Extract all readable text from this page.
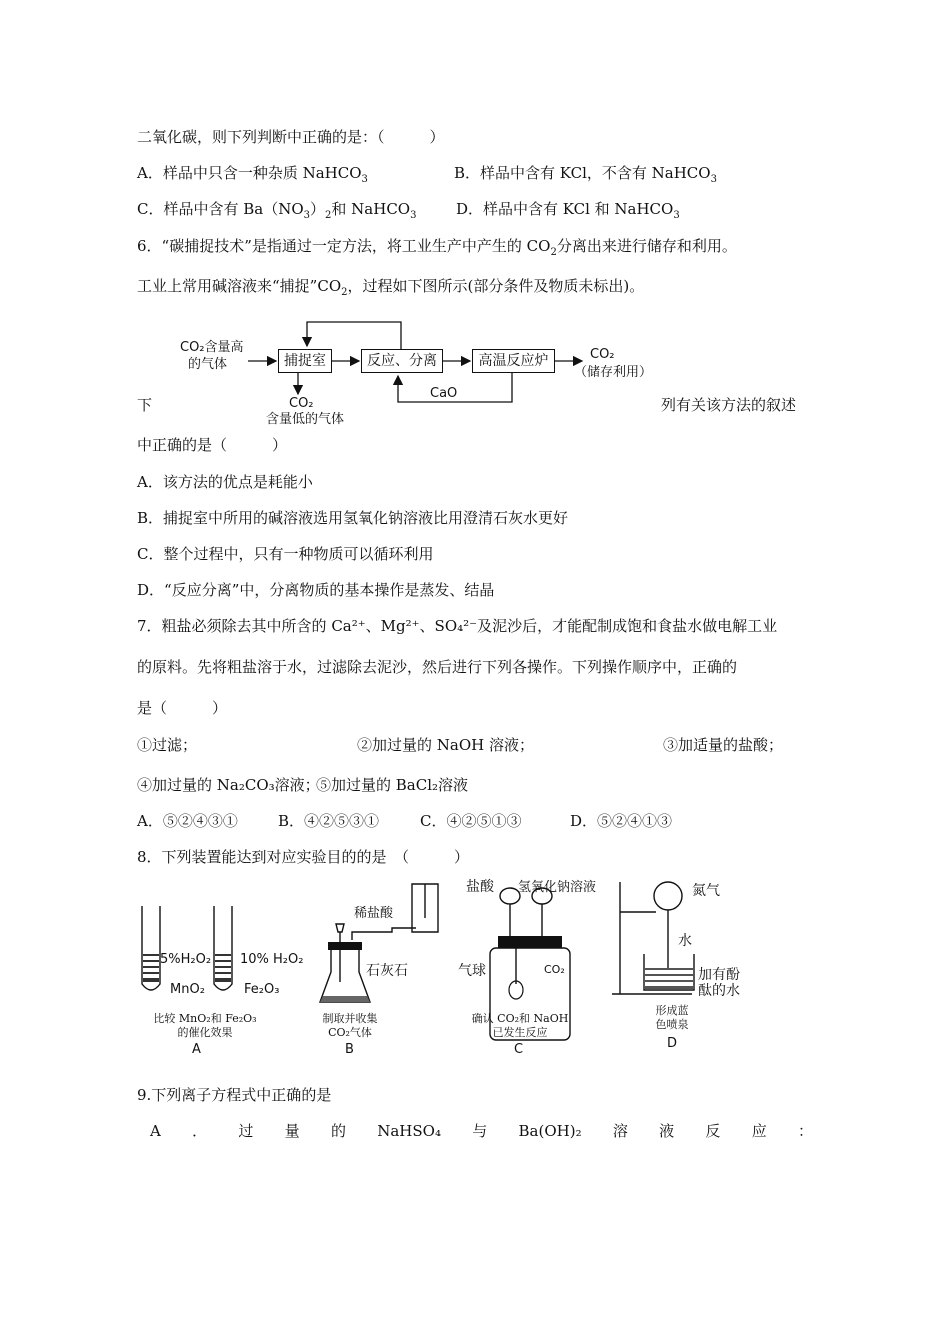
二氧化碳，则下列判断中正确的是：（　　　）
A．样品中只含一种杂质 NaHCO$_3$	B．样品中含有 KCl，不含有 NaHCO$_3$
C．样品中含有 $Ba(NO_3)_2$和 NaHCO$_3$	D．样品中含有 KCl 和 NaHCO$_3$
6．“碳捕捉技术”是指通过一定方法，将工业生产中产生的 $CO_2$分离出来进行储存和利用。
工业上常用碱溶液来“捕捉$”CO_2$，过程如下图所示(部分条件及物质未标出)。
CO₂含量高
的气体	捕捉室	反应、分离	高温反应炉	CO₂
（储存利用）
CO₂
含量低的气体
CaO
下	列有关该方法的叙述
中正确的是（　　　）
A．该方法的优点是耗能小
B．捕捉室中所用的碱溶液选用氢氧化钠溶液比用澄清石灰水更好
C．整个过程中，只有一种物质可以循环利用
D．“反应分离”中，分离物质的基本操作是蒸发、结晶
7．粗盐必须除去其中所含的 Ca²⁺、Mg²⁺、SO₄²⁻及泥沙后，才能配制成饱和食盐水做电解工业
的原料。先将粗盐溶于水，过滤除去泥沙，然后进行下列各操作。下列操作顺序中，正确的
是（　　　）
①过滤；	②加过量的 NaOH 溶液；	③加适量的盐酸；
④加过量的 Na₂CO₃溶液；
⑤加过量的 BaCl₂溶液
A．⑤②④③①	B．④②⑤③①	C．④②⑤①③	D．⑤②④①③
8．下列装置能达到对应实验目的的是　（　　　）
5%H₂O₂ 10% H₂O₂
MnO₂	Fe₂O₃
比较 MnO₂和 Fe₂O₃
的催化效果
A
稀盐酸
石灰石
制取并收集
CO₂气体
B
盐酸 氢氧化钠溶液
气球	CO₂
确认 CO₂和 NaOH
已发生反应
C
氮气
水
加有酚
酞的水
形成蓝
色喷泉
D
9.下列离子方程式中正确的是
A ． 过 量 的 NaHSO₄ 与 Ba(OH)₂ 溶 液 反 应 ：
